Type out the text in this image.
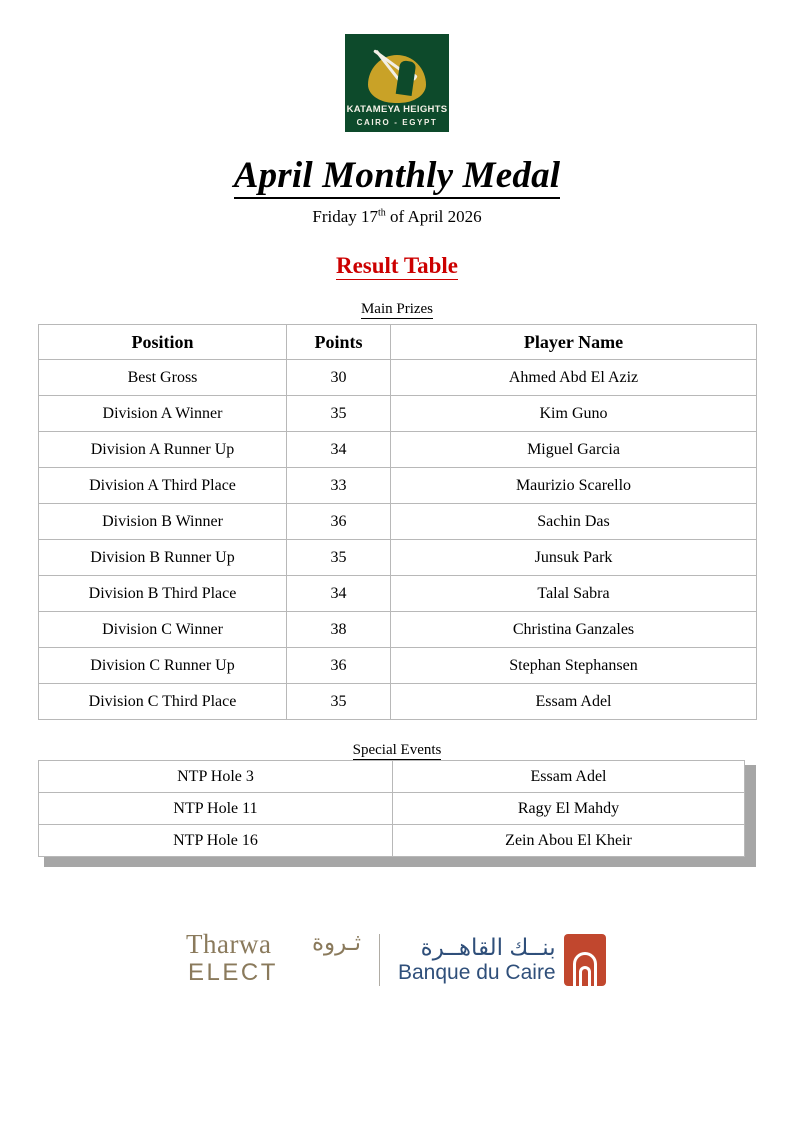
KATAMEYA HEIGHTS
CAIRO - EGYPT
April Monthly Medal
Friday 17th of April 2026
Result Table
Main Prizes
Position	Points	Player Name
Best Gross	30	Ahmed Abd El Aziz
Division A Winner	35	Kim Guno
Division A Runner Up	34	Miguel Garcia
Division A Third Place	33	Maurizio Scarello
Division B Winner	36	Sachin Das
Division B Runner Up	35	Junsuk Park
Division B Third Place	34	Talal Sabra
Division C Winner	38	Christina Ganzales
Division C Runner Up	36	Stephan Stephansen
Division C Third Place	35	Essam Adel
Special Events
NTP Hole 3	Essam Adel
NTP Hole 11	Ragy El Mahdy
NTP Hole 16	Zein Abou El Kheir
Tharwa ثـروة
ELECT
بنــك القاهــرة
Banque du Caire
